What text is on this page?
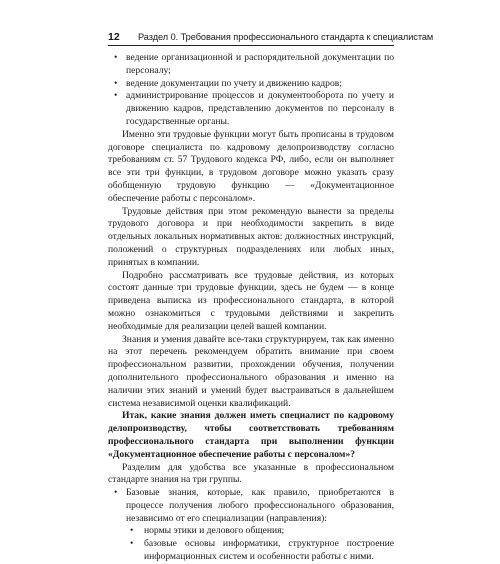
12 Раздел 0. Требования профессионального стандарта к специалистам
• ведение организационной и распорядительной документации по персоналу;
• ведение документации по учету и движению кадров;
• администрирование процессов и документооборота по учету и движению кадров, представлению документов по персоналу в государственные органы.

Именно эти трудовые функции могут быть прописаны в трудовом договоре специалиста по кадровому делопроизводству согласно требованиям ст. 57 Трудового кодекса РФ, либо, если он выполняет все эти три функции, в трудовом договоре можно указать сразу обобщенную трудовую функцию — «Документационное обеспечение работы с персоналом».

Трудовые действия при этом рекомендую вынести за пределы трудового договора и при необходимости закрепить в виде отдельных локальных нормативных актов: должностных инструкций, положений о структурных подразделениях или любых иных, принятых в компании.

Подробно рассматривать все трудовые действия, из которых состоят данные три трудовые функции, здесь не будем — в конце приведена выписка из профессионального стандарта, в которой можно ознакомиться с трудовыми действиями и закрепить необходимые для реализации целей вашей компании.

Знания и умения давайте все-таки структурируем, так как именно на этот перечень рекомендуем обратить внимание при своем профессиональном развитии, прохождении обучения, получении дополнительного профессионального образования и именно на наличии этих знаний и умений будет выстраиваться в дальнейшем система независимой оценки квалификаций.

Итак, какие знания должен иметь специалист по кадровому делопроизводству, чтобы соответствовать требованиям профессионального стандарта при выполнении функции «Документационное обеспечение работы с персоналом»?

Разделим для удобства все указанные в профессиональном стандарте знания на три группы.

• Базовые знания, которые, как правило, приобретаются в процессе получения любого профессионального образования, независимо от его специализации (направления):
• нормы этики и делового общения;
• базовые основы информатики, структурное построение информационных систем и особенности работы с ними.
